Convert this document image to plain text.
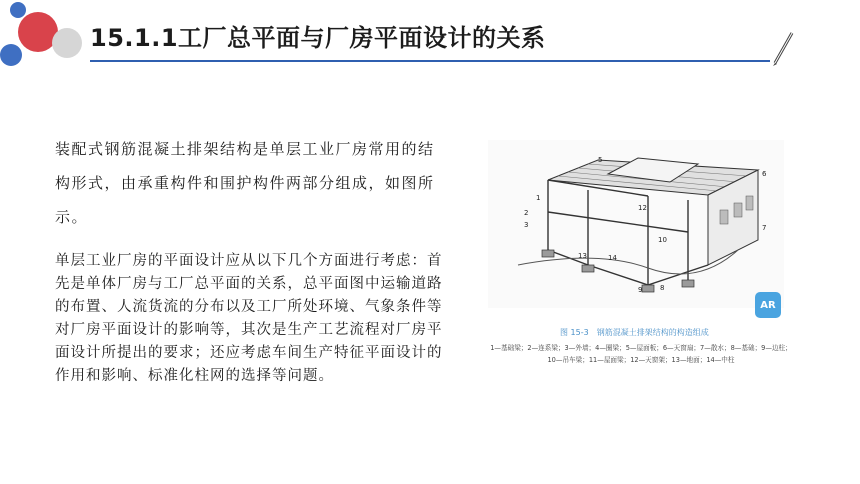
15.1.1工厂总平面与厂房平面设计的关系
装配式钢筋混凝土排架结构是单层工业厂房常用的结构形式，由承重构件和围护构件两部分组成，如图所示。
单层工业厂房的平面设计应从以下几个方面进行考虑：首先是单体厂房与工厂总平面的关系，总平面图中运输道路的布置、人流货流的分布以及工厂所处环境、气象条件等对厂房平面设计的影响等，其次是生产工艺流程对厂房平面设计所提出的要求；还应考虑车间生产特征平面设计的作用和影响、标准化柱网的选择等问题。
1
2
3
5
6
7
8
9
10
12
13	14
AR
图 15-3　钢筋混凝土排架结构的构造组成
1—基础梁；2—连系梁；3—外墙；4—圈梁；5—屋面板；6—天窗扇；7—散水；8—基础；9—边柱；
10—吊车梁；11—屋面梁；12—天窗架；13—地面；14—中柱
